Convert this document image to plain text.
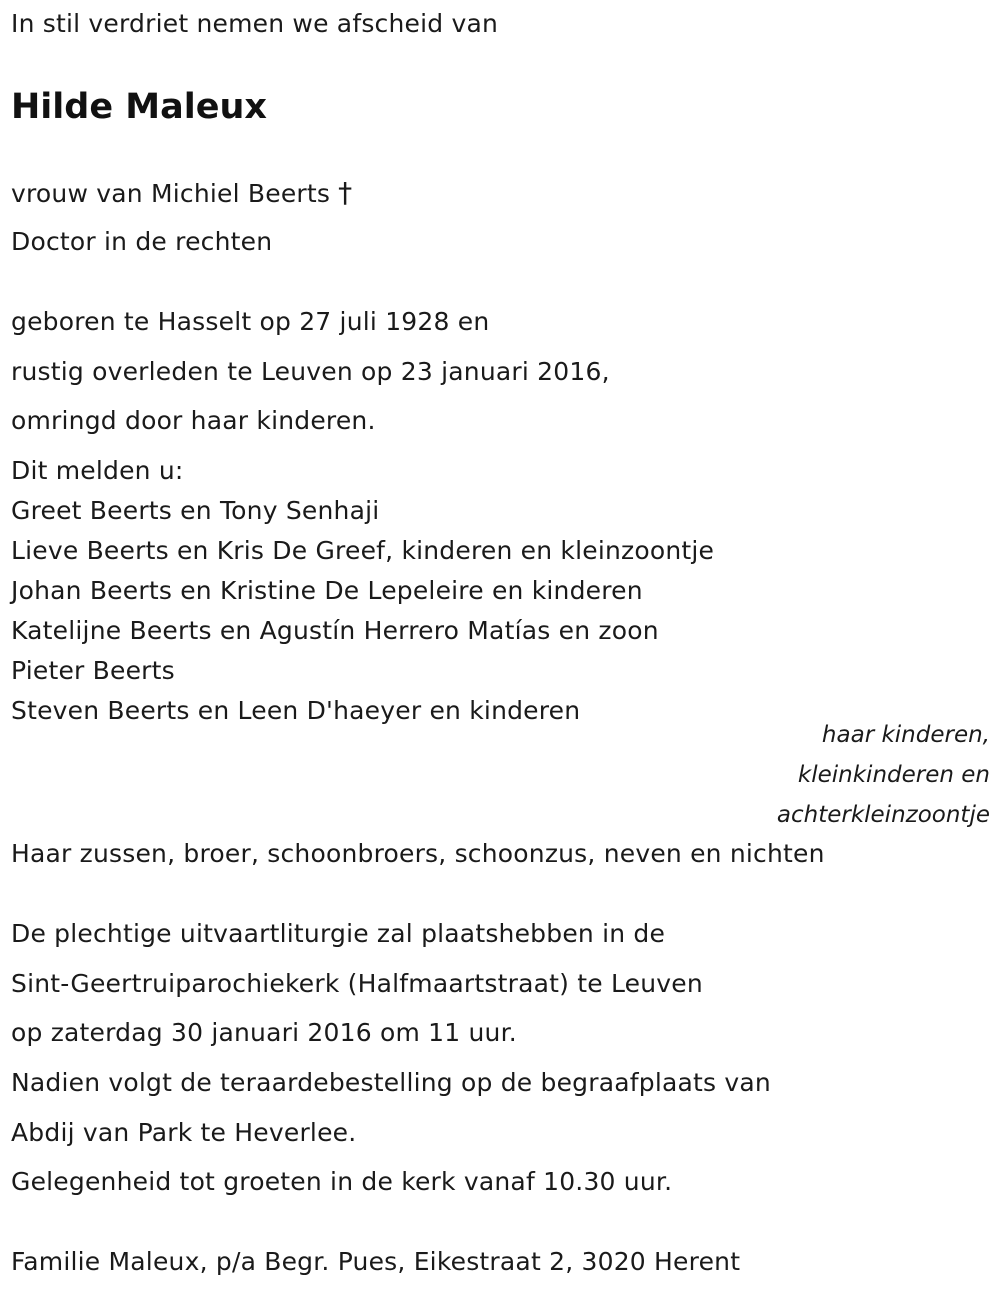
In stil verdriet nemen we afscheid van
Hilde Maleux
vrouw van Michiel Beerts †
Doctor in de rechten
geboren te Hasselt op 27 juli 1928 en
rustig overleden te Leuven op 23 januari 2016,
omringd door haar kinderen.
Dit melden u:
Greet Beerts en Tony Senhaji
Lieve Beerts en Kris De Greef, kinderen en kleinzoontje
Johan Beerts en Kristine De Lepeleire en kinderen
Katelijne Beerts en Agustín Herrero Matías en zoon
Pieter Beerts
Steven Beerts en Leen D'haeyer en kinderen
haar kinderen,
kleinkinderen en
achterkleinzoontje
Haar zussen, broer, schoonbroers, schoonzus, neven en nichten
De plechtige uitvaartliturgie zal plaatshebben in de
Sint-Geertruiparochiekerk (Halfmaartstraat) te Leuven
op zaterdag 30 januari 2016 om 11 uur.
Nadien volgt de teraardebestelling op de begraafplaats van
Abdij van Park te Heverlee.
Gelegenheid tot groeten in de kerk vanaf 10.30 uur.
Familie Maleux, p/a Begr. Pues, Eikestraat 2, 3020 Herent
